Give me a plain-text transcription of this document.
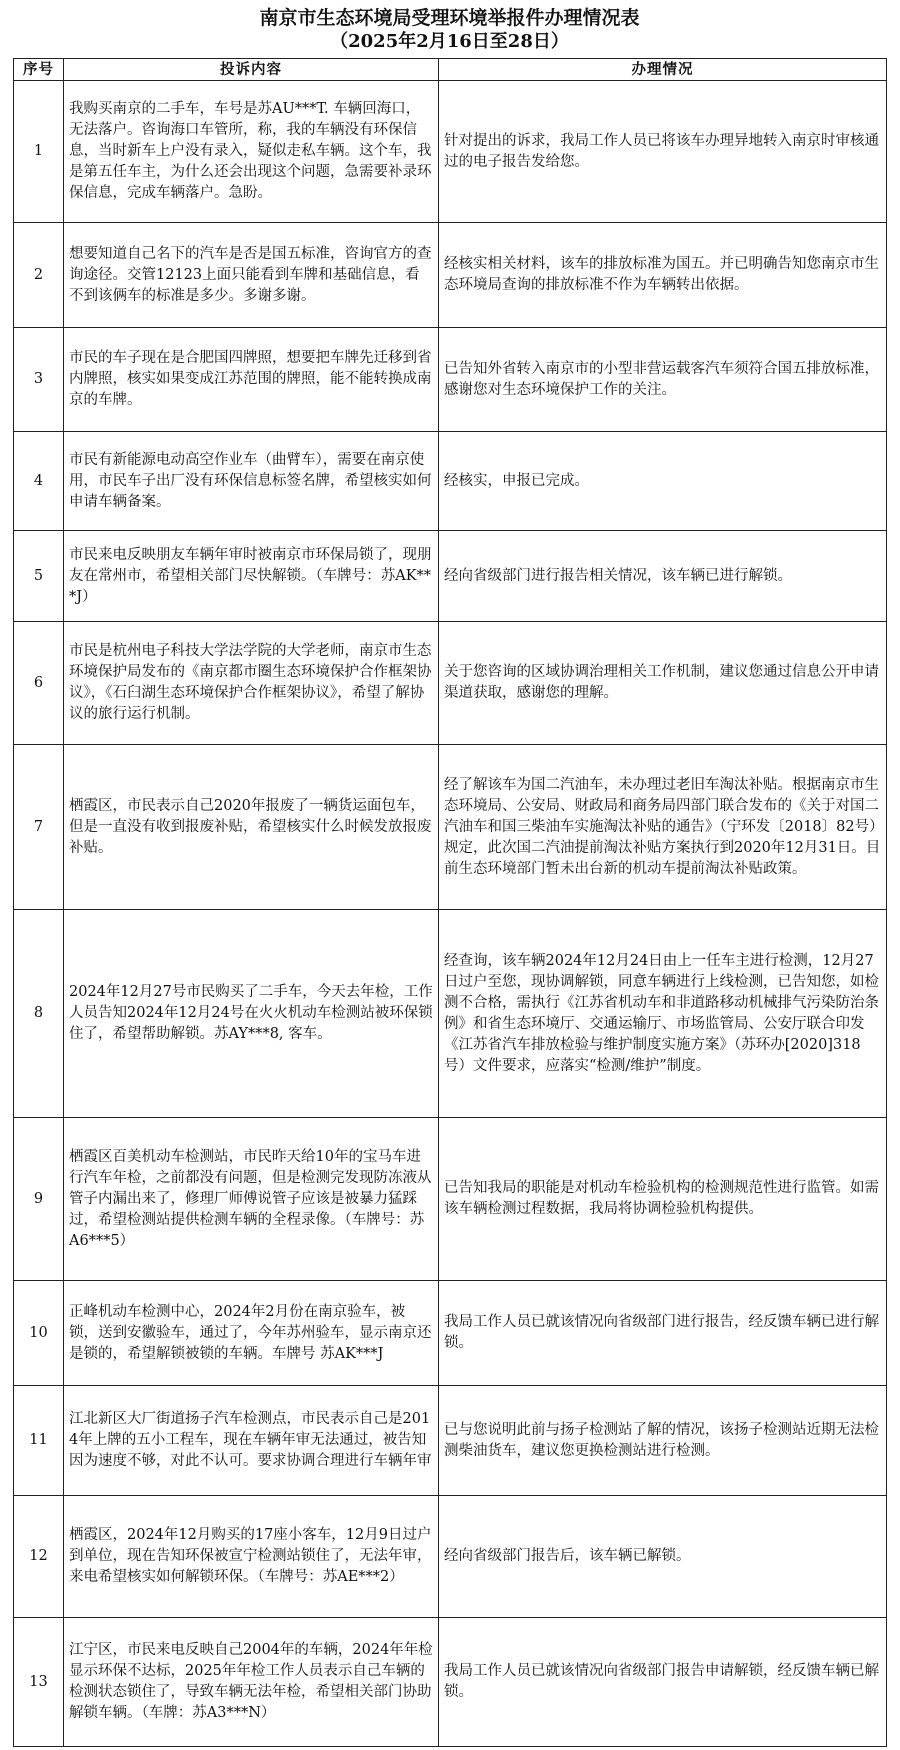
南京市生态环境局受理环境举报件办理情况表
（2025年2月16日至28日）
序号	投诉内容	办理情况
1	我购买南京的二手车，车号是苏AU***T. 车辆回海口，无法落户。咨询海口车管所，称，我的车辆没有环保信息，当时新车上户没有录入，疑似走私车辆。这个车，我是第五任车主，为什么还会出现这个问题，急需要补录环保信息，完成车辆落户。急盼。	针对提出的诉求，我局工作人员已将该车办理异地转入南京时审核通过的电子报告发给您。
2	想要知道自己名下的汽车是否是国五标准，咨询官方的查询途径。交管12123上面只能看到车牌和基础信息，看不到该俩车的标准是多少。多谢多谢。	经核实相关材料，该车的排放标准为国五。并已明确告知您南京市生态环境局查询的排放标准不作为车辆转出依据。
3	市民的车子现在是合肥国四牌照，想要把车牌先迁移到省内牌照，核实如果变成江苏范围的牌照，能不能转换成南京的车牌。	已告知外省转入南京市的小型非营运载客汽车须符合国五排放标准，感谢您对生态环境保护工作的关注。
4	市民有新能源电动高空作业车（曲臂车），需要在南京使用，市民车子出厂没有环保信息标签名牌，希望核实如何申请车辆备案。	经核实，申报已完成。
5	市民来电反映朋友车辆年审时被南京市环保局锁了，现朋友在常州市，希望相关部门尽快解锁。（车牌号：苏AK***J）	经向省级部门进行报告相关情况，该车辆已进行解锁。
6	市民是杭州电子科技大学法学院的大学老师，南京市生态环境保护局发布的《南京都市圈生态环境保护合作框架协议》，《石臼湖生态环境保护合作框架协议》，希望了解协议的旅行运行机制。	关于您咨询的区域协调治理相关工作机制，建议您通过信息公开申请渠道获取，感谢您的理解。
7	栖霞区，市民表示自己2020年报废了一辆货运面包车，但是一直没有收到报废补贴，希望核实什么时候发放报废补贴。	经了解该车为国二汽油车，未办理过老旧车淘汰补贴。根据南京市生态环境局、公安局、财政局和商务局四部门联合发布的《关于对国二汽油车和国三柴油车实施淘汰补贴的通告》（宁环发〔2018〕82号）规定，此次国二汽油提前淘汰补贴方案执行到2020年12月31日。目前生态环境部门暂未出台新的机动车提前淘汰补贴政策。
8	2024年12月27号市民购买了二手车，今天去年检，工作人员告知2024年12月24号在火火机动车检测站被环保锁住了，希望帮助解锁。苏AY***8, 客车。	经查询，该车辆2024年12月24日由上一任车主进行检测，12月27日过户至您，现协调解锁，同意车辆进行上线检测，已告知您，如检测不合格，需执行《江苏省机动车和非道路移动机械排气污染防治条例》和省生态环境厅、交通运输厅、市场监管局、公安厅联合印发《江苏省汽车排放检验与维护制度实施方案》（苏环办[2020]318号）文件要求，应落实“检测/维护”制度。
9	栖霞区百美机动车检测站，市民昨天给10年的宝马车进行汽车年检，之前都没有问题，但是检测完发现防冻液从管子内漏出来了，修理厂师傅说管子应该是被暴力猛踩过，希望检测站提供检测车辆的全程录像。（车牌号：苏A6***5）	已告知我局的职能是对机动车检验机构的检测规范性进行监管。如需该车辆检测过程数据，我局将协调检验机构提供。
10	正峰机动车检测中心，2024年2月份在南京验车，被锁，送到安徽验车，通过了，今年苏州验车，显示南京还是锁的，希望解锁被锁的车辆。车牌号 苏AK***J	我局工作人员已就该情况向省级部门进行报告，经反馈车辆已进行解锁。
11	江北新区大厂街道扬子汽车检测点，市民表示自己是2014年上牌的五小工程车，现在车辆年审无法通过，被告知因为速度不够，对此不认可。要求协调合理进行车辆年审	已与您说明此前与扬子检测站了解的情况，该扬子检测站近期无法检测柴油货车，建议您更换检测站进行检测。
12	栖霞区，2024年12月购买的17座小客车，12月9日过户到单位，现在告知环保被宣宁检测站锁住了，无法年审，来电希望核实如何解锁环保。（车牌号：苏AE***2）	经向省级部门报告后，该车辆已解锁。
13	江宁区，市民来电反映自己2004年的车辆，2024年年检显示环保不达标，2025年年检工作人员表示自己车辆的检测状态锁住了，导致车辆无法年检，希望相关部门协助解锁车辆。（车牌：苏A3***N）	我局工作人员已就该情况向省级部门报告申请解锁，经反馈车辆已解锁。
